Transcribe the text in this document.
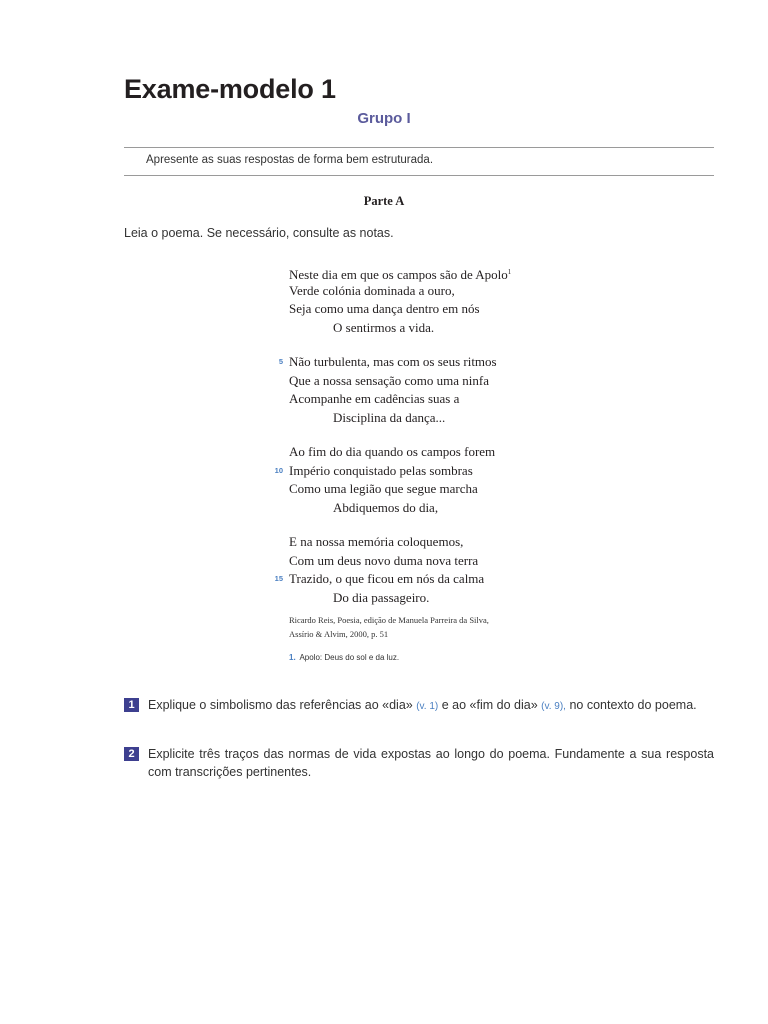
Exame-modelo 1
Grupo I
Apresente as suas respostas de forma bem estruturada.
Parte A
Leia o poema. Se necessário, consulte as notas.
Neste dia em que os campos são de Apolo$^1$
Verde colónia dominada a ouro,
Seja como uma dança dentro em nós
O sentirmos a vida.
5 Não turbulenta, mas com os seus ritmos
Que a nossa sensação como uma ninfa
Acompanhe em cadências suas a
Disciplina da dança...
Ao fim do dia quando os campos forem
10 Império conquistado pelas sombras
Como uma legião que segue marcha
Abdiquemos do dia,
E na nossa memória coloquemos,
Com um deus novo duma nova terra
15 Trazido, o que ficou em nós da calma
Do dia passageiro.
Ricardo Reis, Poesia, edição de Manuela Parreira da Silva,
Assírio & Alvim, 2000, p. 51
1. Apolo: Deus do sol e da luz.
1	Explique o simbolismo das referências ao «dia» (v. 1) e ao «fim do dia» (v. 9), no contexto do poema.
2	Explicite três traços das normas de vida expostas ao longo do poema. Fundamente a sua resposta com transcrições pertinentes.
